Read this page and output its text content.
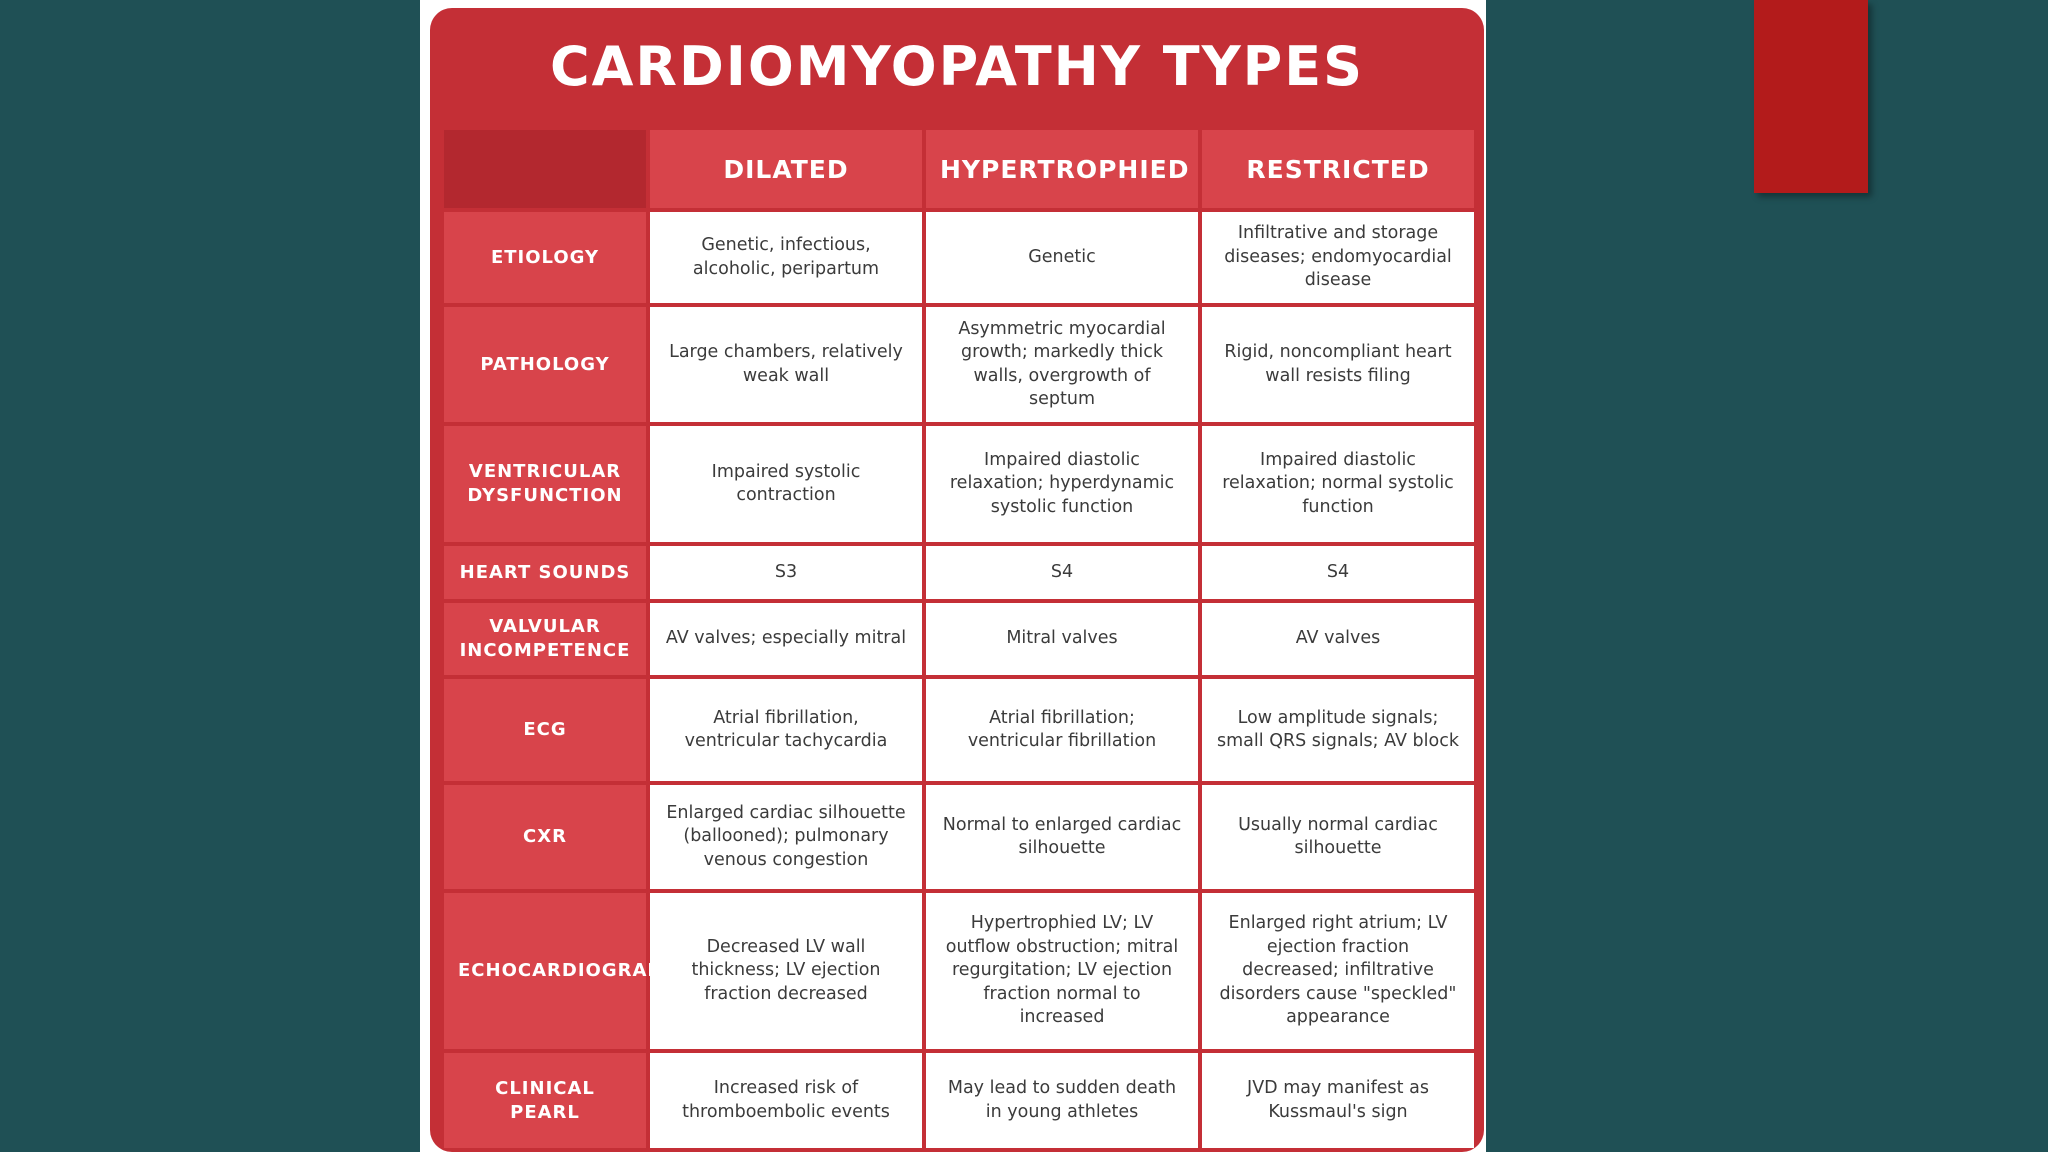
CARDIOMYOPATHY TYPES
	DILATED	HYPERTROPHIED	RESTRICTED
ETIOLOGY	Genetic, infectious, alcoholic, peripartum	Genetic	Infiltrative and storage diseases; endomyocardial disease
PATHOLOGY	Large chambers, relatively weak wall	Asymmetric myocardial growth; markedly thick walls, overgrowth of septum	Rigid, noncompliant heart wall resists filing
VENTRICULAR DYSFUNCTION	Impaired systolic contraction	Impaired diastolic relaxation; hyperdynamic systolic function	Impaired diastolic relaxation; normal systolic function
HEART SOUNDS	S3	S4	S4
VALVULAR INCOMPETENCE	AV valves; especially mitral	Mitral valves	AV valves
ECG	Atrial fibrillation, ventricular tachycardia	Atrial fibrillation; ventricular fibrillation	Low amplitude signals; small QRS signals; AV block
CXR	Enlarged cardiac silhouette (ballooned); pulmonary venous congestion	Normal to enlarged cardiac silhouette	Usually normal cardiac silhouette
ECHOCARDIOGRAM	Decreased LV wall thickness; LV ejection fraction decreased	Hypertrophied LV; LV outflow obstruction; mitral regurgitation; LV ejection fraction normal to increased	Enlarged right atrium; LV ejection fraction decreased; infiltrative disorders cause "speckled" appearance
CLINICAL PEARL	Increased risk of thromboembolic events	May lead to sudden death in young athletes	JVD may manifest as Kussmaul's sign
